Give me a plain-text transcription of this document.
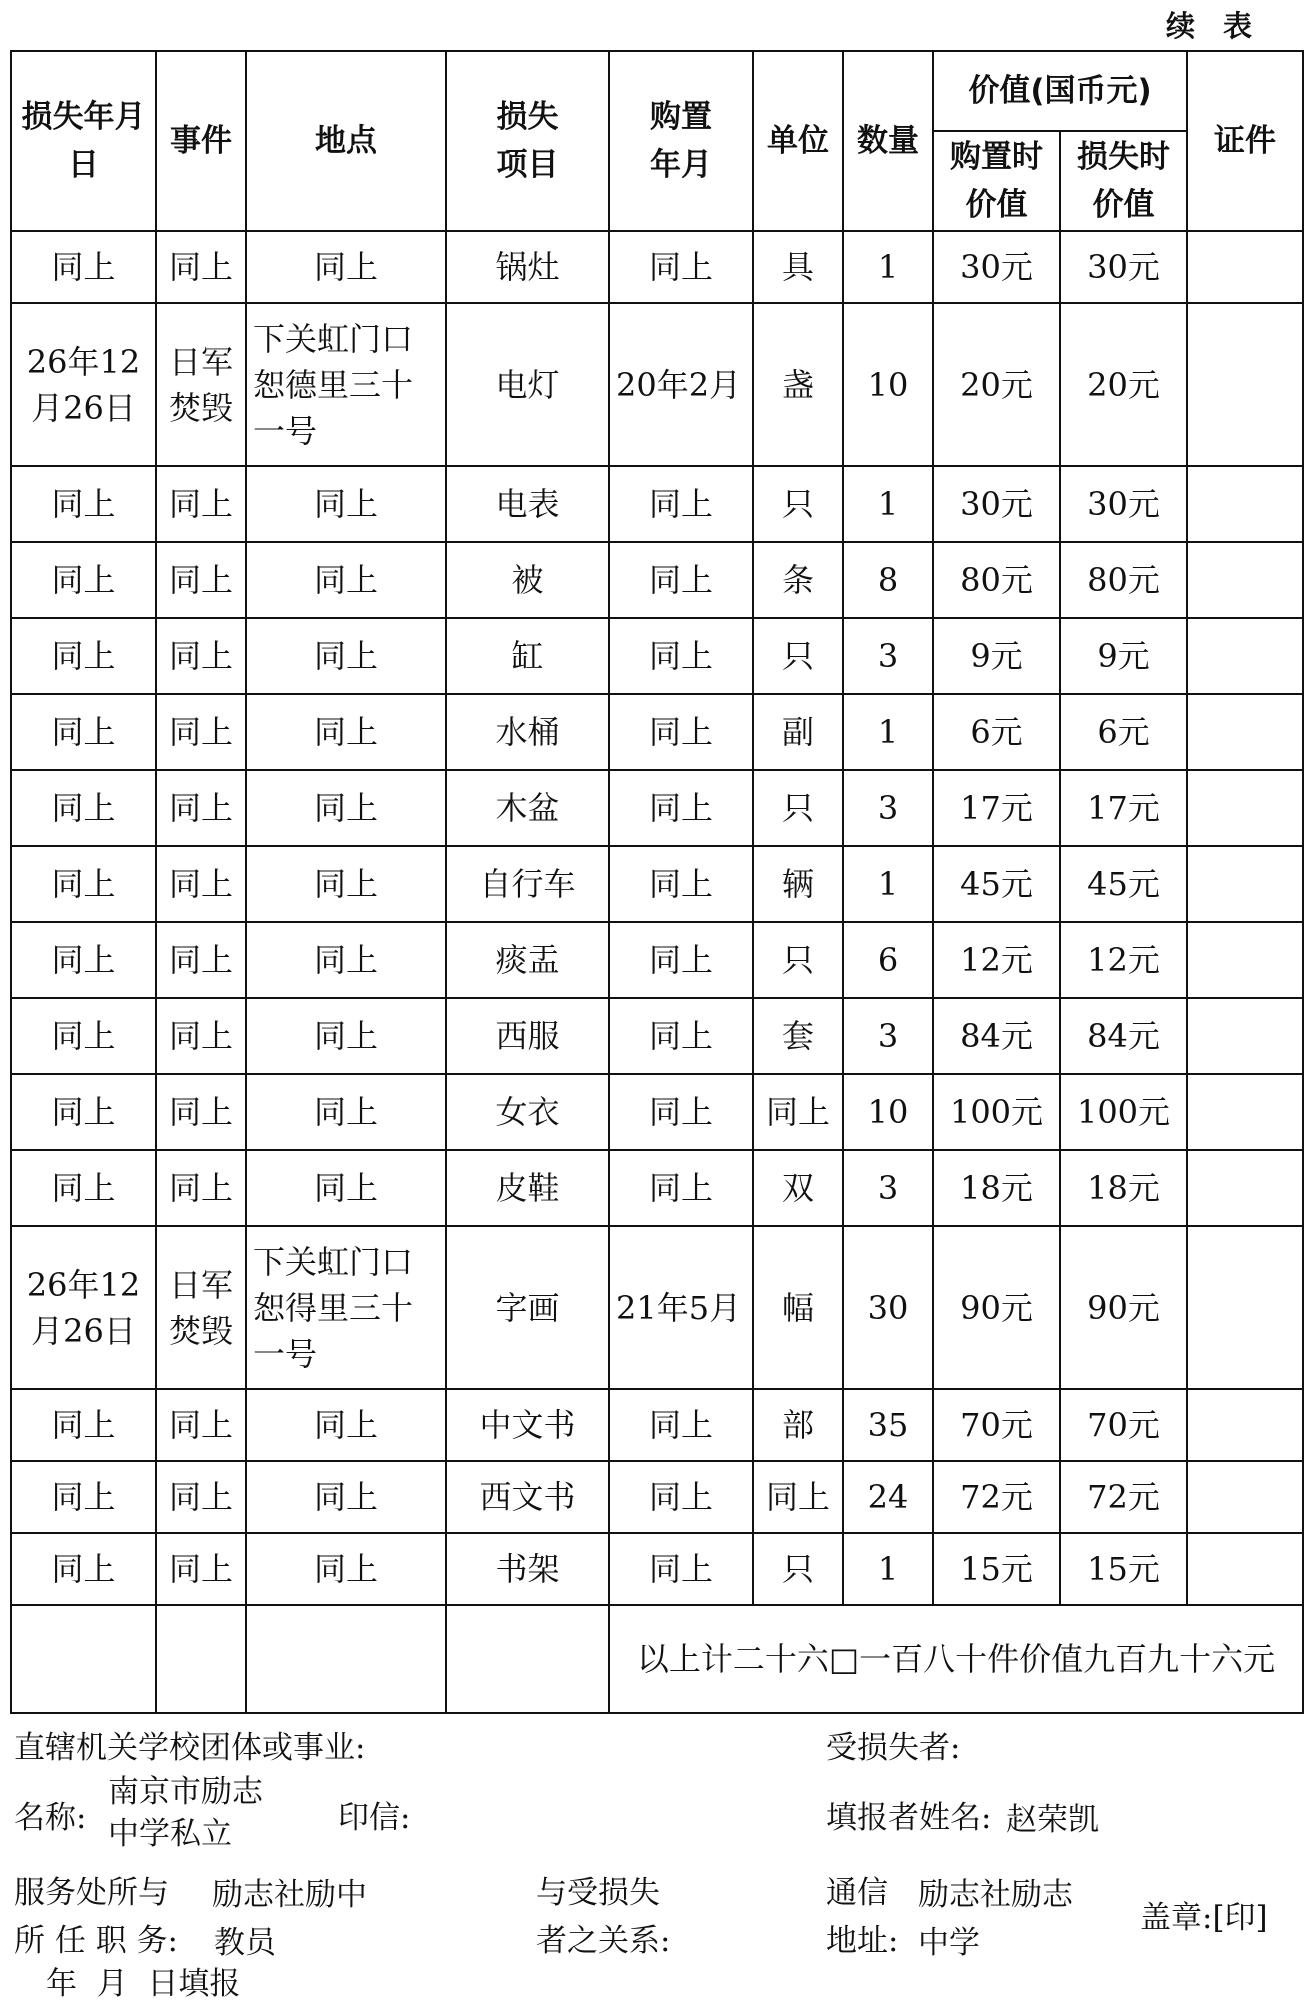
续表
损失年月日	事件	地点	损失项目	购置年月	单位	数量	价值(国币元)		证件
							购置时价值	损失时价值	
同上	同上	同上	锅灶	同上	具	1	30元	30元	
26年12月26日	日军焚毁	下关虹门口恕德里三十一号	电灯	20年2月	盏	10	20元	20元	
同上	同上	同上	电表	同上	只	1	30元	30元	
同上	同上	同上	被	同上	条	8	80元	80元	
同上	同上	同上	缸	同上	只	3	9元	9元	
同上	同上	同上	水桶	同上	副	1	6元	6元	
同上	同上	同上	木盆	同上	只	3	17元	17元	
同上	同上	同上	自行车	同上	辆	1	45元	45元	
同上	同上	同上	痰盂	同上	只	6	12元	12元	
同上	同上	同上	西服	同上	套	3	84元	84元	
同上	同上	同上	女衣	同上	同上	10	100元	100元	
同上	同上	同上	皮鞋	同上	双	3	18元	18元	
26年12月26日	日军焚毁	下关虹门口恕得里三十一号	字画	21年5月	幅	30	90元	90元	
同上	同上	同上	中文书	同上	部	35	70元	70元	
同上	同上	同上	西文书	同上	同上	24	72元	72元	
同上	同上	同上	书架	同上	只	1	15元	15元	
				以上计二十六□一百八十件价值九百九十六元					
直辖机关学校团体或事业:	受损失者:
名称:
南京市励志
中学私立	印信:	填报者姓名: 赵荣凯
服务处所与 励志社励中	与受损失	通信 励志社励志
所 任 职 务: 教员	者之关系:	地址: 中学
盖章:[印]
年  月  日填报
